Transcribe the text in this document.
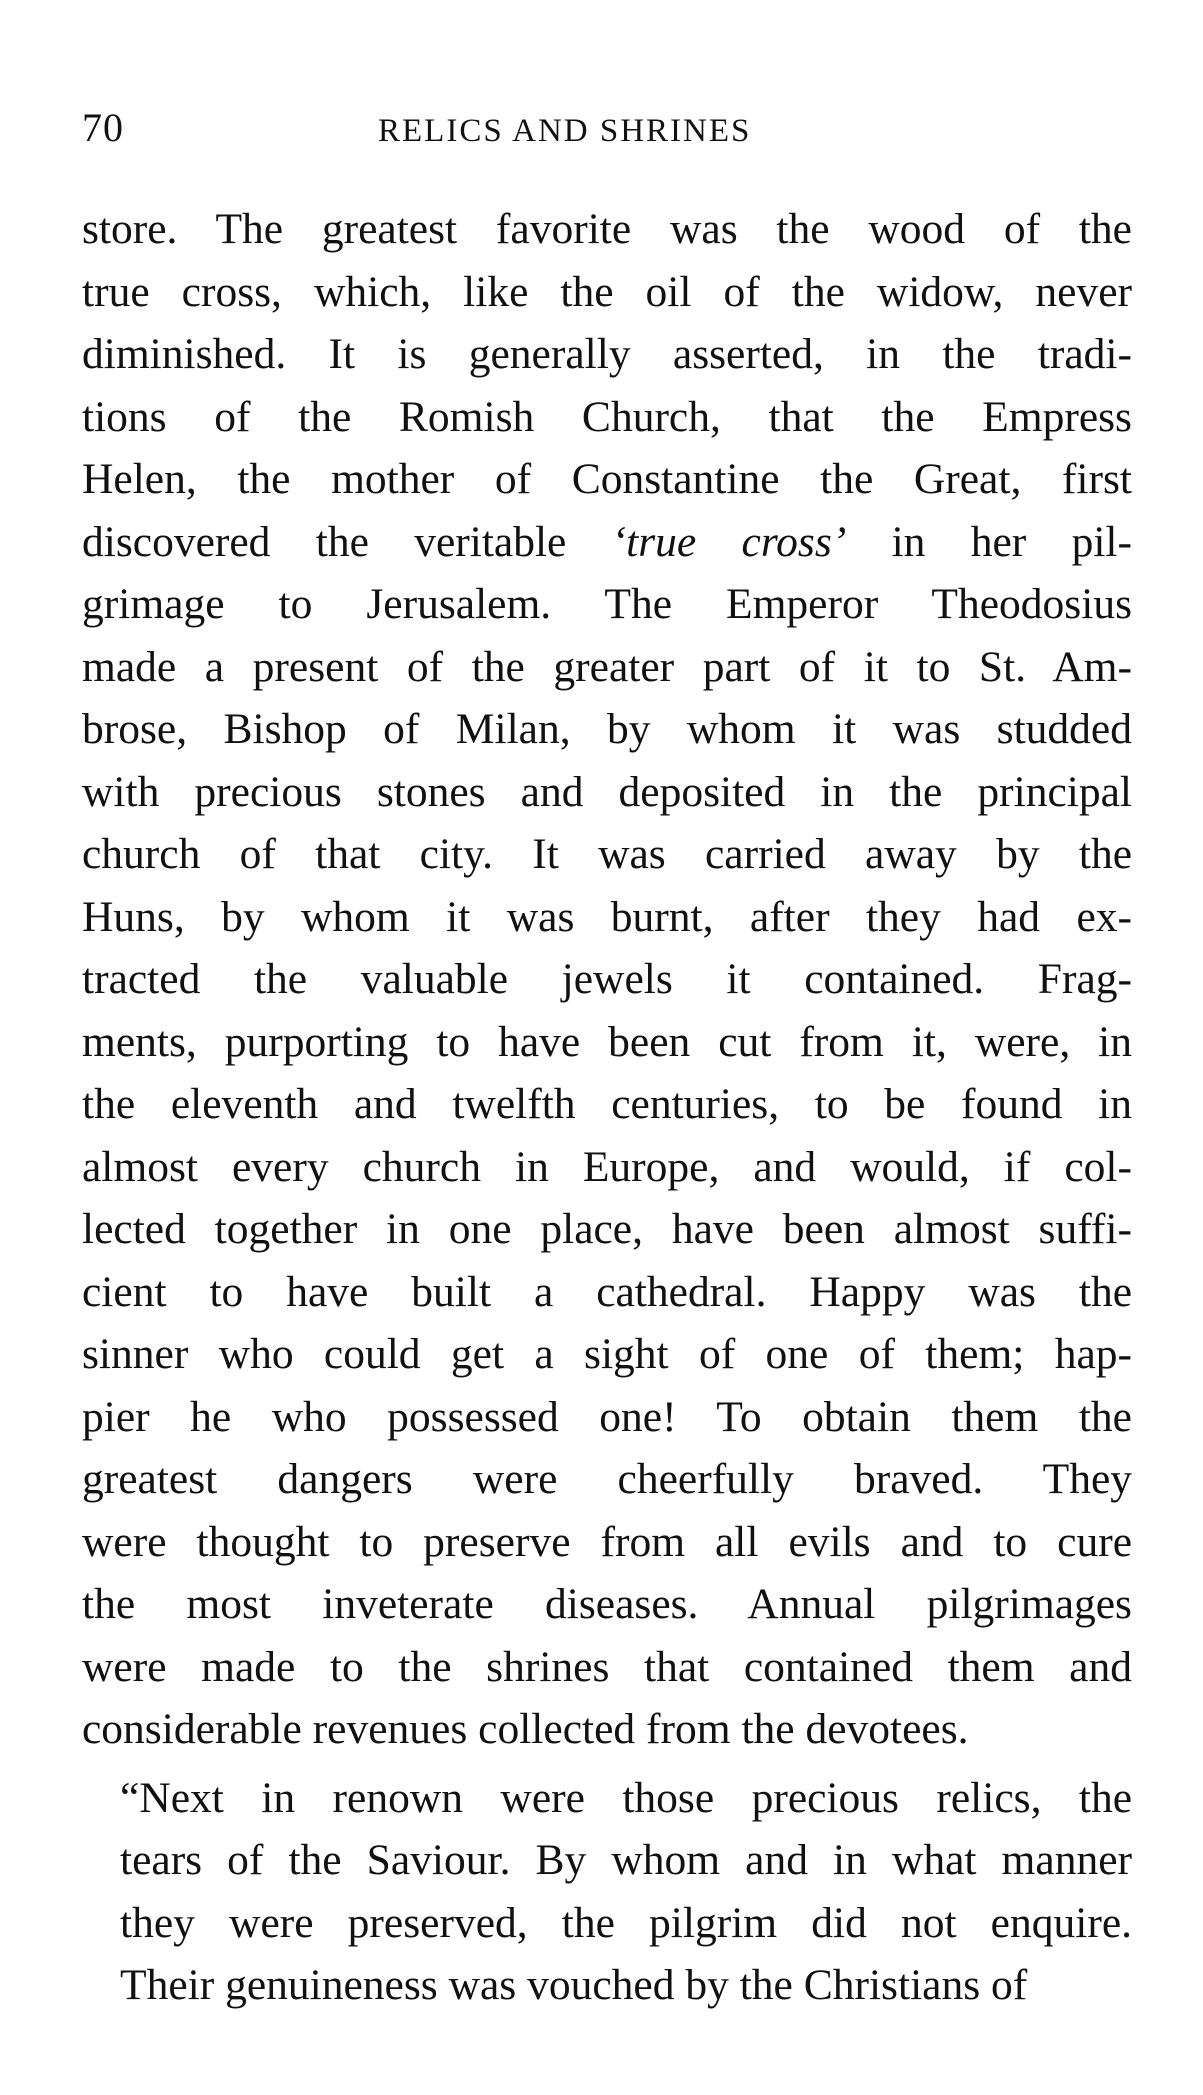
70	RELICS AND SHRINES

store. The greatest favorite was the wood of the
true cross, which, like the oil of the widow, never
diminished. It is generally asserted, in the tradi-
tions of the Romish Church, that the Empress
Helen, the mother of Constantine the Great, first
discovered the veritable ‘true cross’ in her pil-
grimage to Jerusalem. The Emperor Theodosius
made a present of the greater part of it to St. Am-
brose, Bishop of Milan, by whom it was studded
with precious stones and deposited in the principal
church of that city. It was carried away by the
Huns, by whom it was burnt, after they had ex-
tracted the valuable jewels it contained. Frag-
ments, purporting to have been cut from it, were, in
the eleventh and twelfth centuries, to be found in
almost every church in Europe, and would, if col-
lected together in one place, have been almost suffi-
cient to have built a cathedral. Happy was the
sinner who could get a sight of one of them; hap-
pier he who possessed one! To obtain them the
greatest dangers were cheerfully braved. They
were thought to preserve from all evils and to cure
the most inveterate diseases. Annual pilgrimages
were made to the shrines that contained them and
considerable revenues collected from the devotees.

“Next in renown were those precious relics, the
tears of the Saviour. By whom and in what manner
they were preserved, the pilgrim did not enquire.
Their genuineness was vouched by the Christians of
